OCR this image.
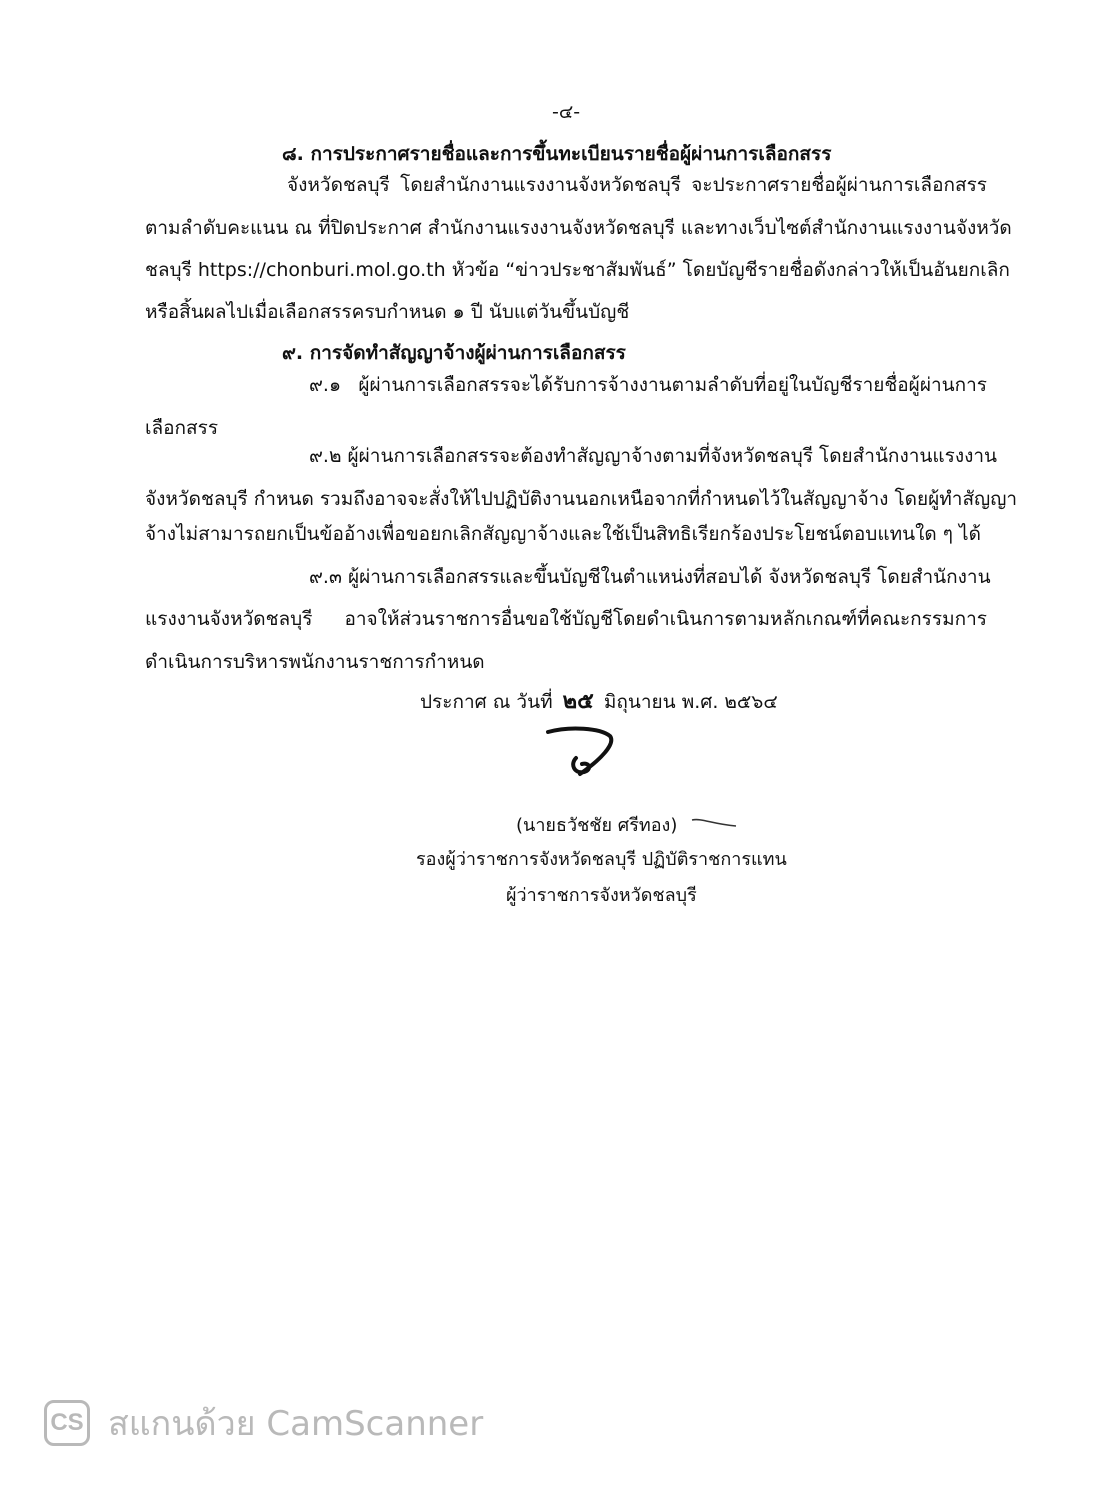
-๔-
๘. การประกาศรายชื่อและการขึ้นทะเบียนรายชื่อผู้ผ่านการเลือกสรร
จังหวัดชลบุรี โดยสำนักงานแรงงานจังหวัดชลบุรี จะประกาศรายชื่อผู้ผ่านการเลือกสรร
ตามลำดับคะแนน ณ ที่ปิดประกาศ สำนักงานแรงงานจังหวัดชลบุรี และทางเว็บไซต์สำนักงานแรงงานจังหวัด
ชลบุรี https://chonburi.mol.go.th หัวข้อ “ข่าวประชาสัมพันธ์” โดยบัญชีรายชื่อดังกล่าวให้เป็นอันยกเลิก
หรือสิ้นผลไปเมื่อเลือกสรรครบกำหนด ๑ ปี นับแต่วันขึ้นบัญชี
๙. การจัดทำสัญญาจ้างผู้ผ่านการเลือกสรร
๙.๑ ผู้ผ่านการเลือกสรรจะได้รับการจ้างงานตามลำดับที่อยู่ในบัญชีรายชื่อผู้ผ่านการ
เลือกสรร
๙.๒ ผู้ผ่านการเลือกสรรจะต้องทำสัญญาจ้างตามที่จังหวัดชลบุรี โดยสำนักงานแรงงาน
จังหวัดชลบุรี กำหนด รวมถึงอาจจะสั่งให้ไปปฏิบัติงานนอกเหนือจากที่กำหนดไว้ในสัญญาจ้าง โดยผู้ทำสัญญา
จ้างไม่สามารถยกเป็นข้ออ้างเพื่อขอยกเลิกสัญญาจ้างและใช้เป็นสิทธิเรียกร้องประโยชน์ตอบแทนใด ๆ ได้
๙.๓ ผู้ผ่านการเลือกสรรและขึ้นบัญชีในตำแหน่งที่สอบได้ จังหวัดชลบุรี โดยสำนักงาน
แรงงานจังหวัดชลบุรี อาจให้ส่วนราชการอื่นขอใช้บัญชีโดยดำเนินการตามหลักเกณฑ์ที่คณะกรรมการ
ดำเนินการบริหารพนักงานราชการกำหนด
ประกาศ ณ วันที่ ๒๕ มิถุนายน พ.ศ. ๒๕๖๔
(นายธวัชชัย ศรีทอง)
รองผู้ว่าราชการจังหวัดชลบุรี ปฏิบัติราชการแทน
ผู้ว่าราชการจังหวัดชลบุรี
CS สแกนด้วย CamScanner
